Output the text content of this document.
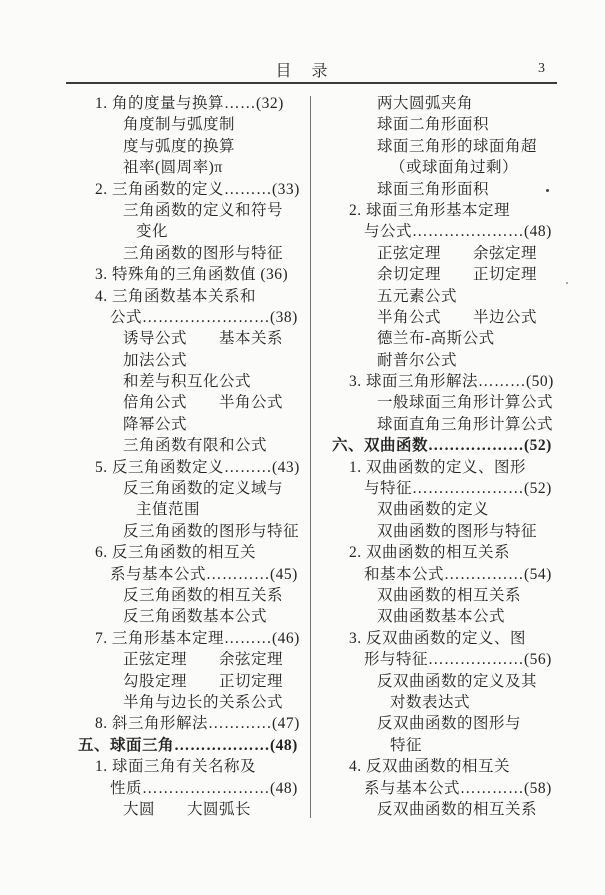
目　录	3
1. 角的度量与换算……(32)
角度制与弧度制
度与弧度的换算
祖率(圆周率)π
2. 三角函数的定义………(33)
三角函数的定义和符号
变化
三角函数的图形与特征
3. 特殊角的三角函数值 (36)
4. 三角函数基本关系和
公式……………………(38)
诱导公式　　基本关系
加法公式
和差与积互化公式
倍角公式　　半角公式
降幂公式
三角函数有限和公式
5. 反三角函数定义………(43)
反三角函数的定义域与
主值范围
反三角函数的图形与特征
6. 反三角函数的相互关
系与基本公式…………(45)
反三角函数的相互关系
反三角函数基本公式
7. 三角形基本定理………(46)
正弦定理　　余弦定理
勾股定理　　正切定理
半角与边长的关系公式
8. 斜三角形解法…………(47)
五、球面三角………………(48)
1. 球面三角有关名称及
性质……………………(48)
大圆　　大圆弧长
两大圆弧夹角
球面二角形面积
球面三角形的球面角超
（或球面角过剩）
球面三角形面积
2. 球面三角形基本定理
与公式…………………(48)
正弦定理　　余弦定理
余切定理　　正切定理
五元素公式
半角公式　　半边公式
德兰布-高斯公式
耐普尔公式
3. 球面三角形解法………(50)
一般球面三角形计算公式
球面直角三角形计算公式
六、双曲函数………………(52)
1. 双曲函数的定义、图形
与特征…………………(52)
双曲函数的定义
双曲函数的图形与特征
2. 双曲函数的相互关系
和基本公式……………(54)
双曲函数的相互关系
双曲函数基本公式
3. 反双曲函数的定义、图
形与特征………………(56)
反双曲函数的定义及其
对数表达式
反双曲函数的图形与
特征
4. 反双曲函数的相互关
系与基本公式…………(58)
反双曲函数的相互关系
